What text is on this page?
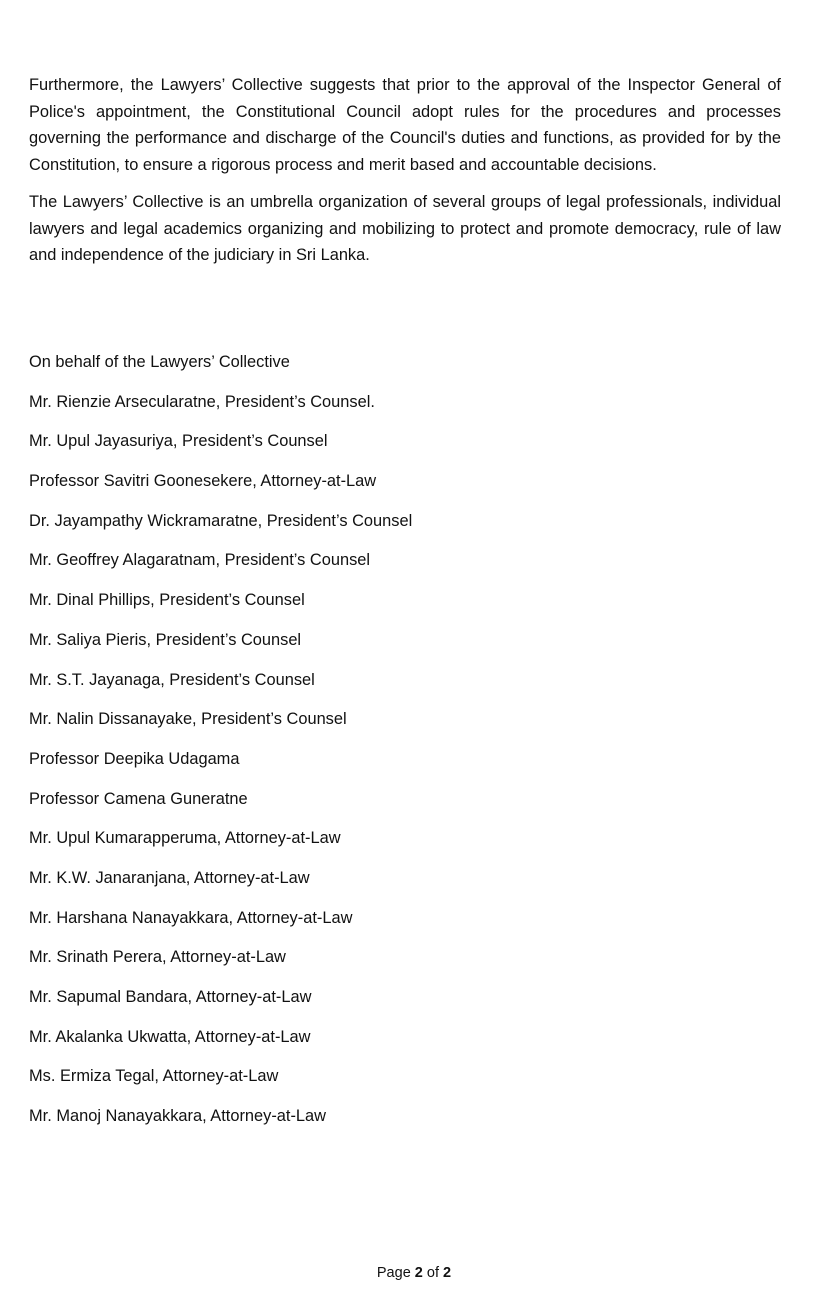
Furthermore, the Lawyers’ Collective suggests that prior to the approval of the Inspector General of Police's appointment, the Constitutional Council adopt rules for the procedures and processes governing the performance and discharge of the Council's duties and functions, as provided for by the Constitution, to ensure a rigorous process and merit based and accountable decisions.

The Lawyers’ Collective is an umbrella organization of several groups of legal professionals, individual lawyers and legal academics organizing and mobilizing to protect and promote democracy, rule of law and independence of the judiciary in Sri Lanka.

On behalf of the Lawyers’ Collective
Mr. Rienzie Arsecularatne, President’s Counsel.
Mr. Upul Jayasuriya, President’s Counsel
Professor Savitri Goonesekere, Attorney-at-Law
Dr. Jayampathy Wickramaratne, President’s Counsel
Mr. Geoffrey Alagaratnam, President’s Counsel
Mr. Dinal Phillips, President’s Counsel
Mr. Saliya Pieris, President’s Counsel
Mr. S.T. Jayanaga, President’s Counsel
Mr. Nalin Dissanayake, President’s Counsel
Professor Deepika Udagama
Professor Camena Guneratne
Mr. Upul Kumarapperuma, Attorney-at-Law
Mr. K.W. Janaranjana, Attorney-at-Law
Mr. Harshana Nanayakkara, Attorney-at-Law
Mr. Srinath Perera, Attorney-at-Law
Mr. Sapumal Bandara, Attorney-at-Law
Mr. Akalanka Ukwatta, Attorney-at-Law
Ms. Ermiza Tegal, Attorney-at-Law
Mr. Manoj Nanayakkara, Attorney-at-Law
Page 2 of 2
